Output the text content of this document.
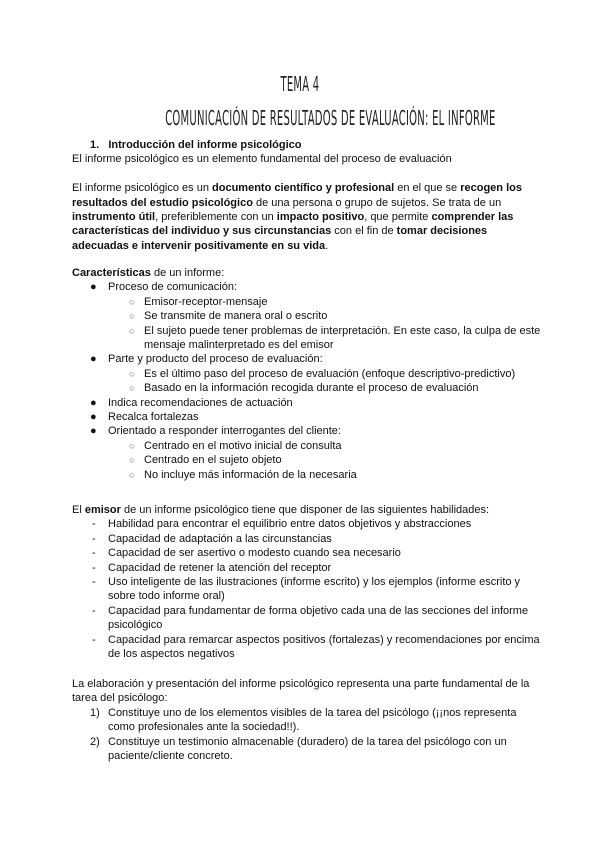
TEMA 4
COMUNICACIÓN DE RESULTADOS DE EVALUACIÓN: EL INFORME
1. Introducción del informe psicológico
El informe psicológico es un elemento fundamental del proceso de evaluación
El informe psicológico es un documento científico y profesional en el que se recogen los resultados del estudio psicológico de una persona o grupo de sujetos. Se trata de un instrumento útil, preferiblemente con un impacto positivo, que permite comprender las características del individuo y sus circunstancias con el fin de tomar decisiones adecuadas e intervenir positivamente en su vida.
Características de un informe:
● Proceso de comunicación:
○ Emisor-receptor-mensaje
○ Se transmite de manera oral o escrito
○ El sujeto puede tener problemas de interpretación. En este caso, la culpa de este mensaje malinterpretado es del emisor
● Parte y producto del proceso de evaluación:
○ Es el último paso del proceso de evaluación (enfoque descriptivo-predictivo)
○ Basado en la información recogida durante el proceso de evaluación
● Indica recomendaciones de actuación
● Recalca fortalezas
● Orientado a responder interrogantes del cliente:
○ Centrado en el motivo inicial de consulta
○ Centrado en el sujeto objeto
○ No incluye más información de la necesaria
El emisor de un informe psicológico tiene que disponer de las siguientes habilidades:
- Habilidad para encontrar el equilibrio entre datos objetivos y abstracciones
- Capacidad de adaptación a las circunstancias
- Capacidad de ser asertivo o modesto cuando sea necesario
- Capacidad de retener la atención del receptor
- Uso inteligente de las ilustraciones (informe escrito) y los ejemplos (informe escrito y sobre todo informe oral)
- Capacidad para fundamentar de forma objetivo cada una de las secciones del informe psicológico
- Capacidad para remarcar aspectos positivos (fortalezas) y recomendaciones por encima de los aspectos negativos
La elaboración y presentación del informe psicológico representa una parte fundamental de la tarea del psicólogo:
1) Constituye uno de los elementos visibles de la tarea del psicólogo (¡¡nos representa como profesionales ante la sociedad!!).
2) Constituye un testimonio almacenable (duradero) de la tarea del psicólogo con un paciente/cliente concreto.
